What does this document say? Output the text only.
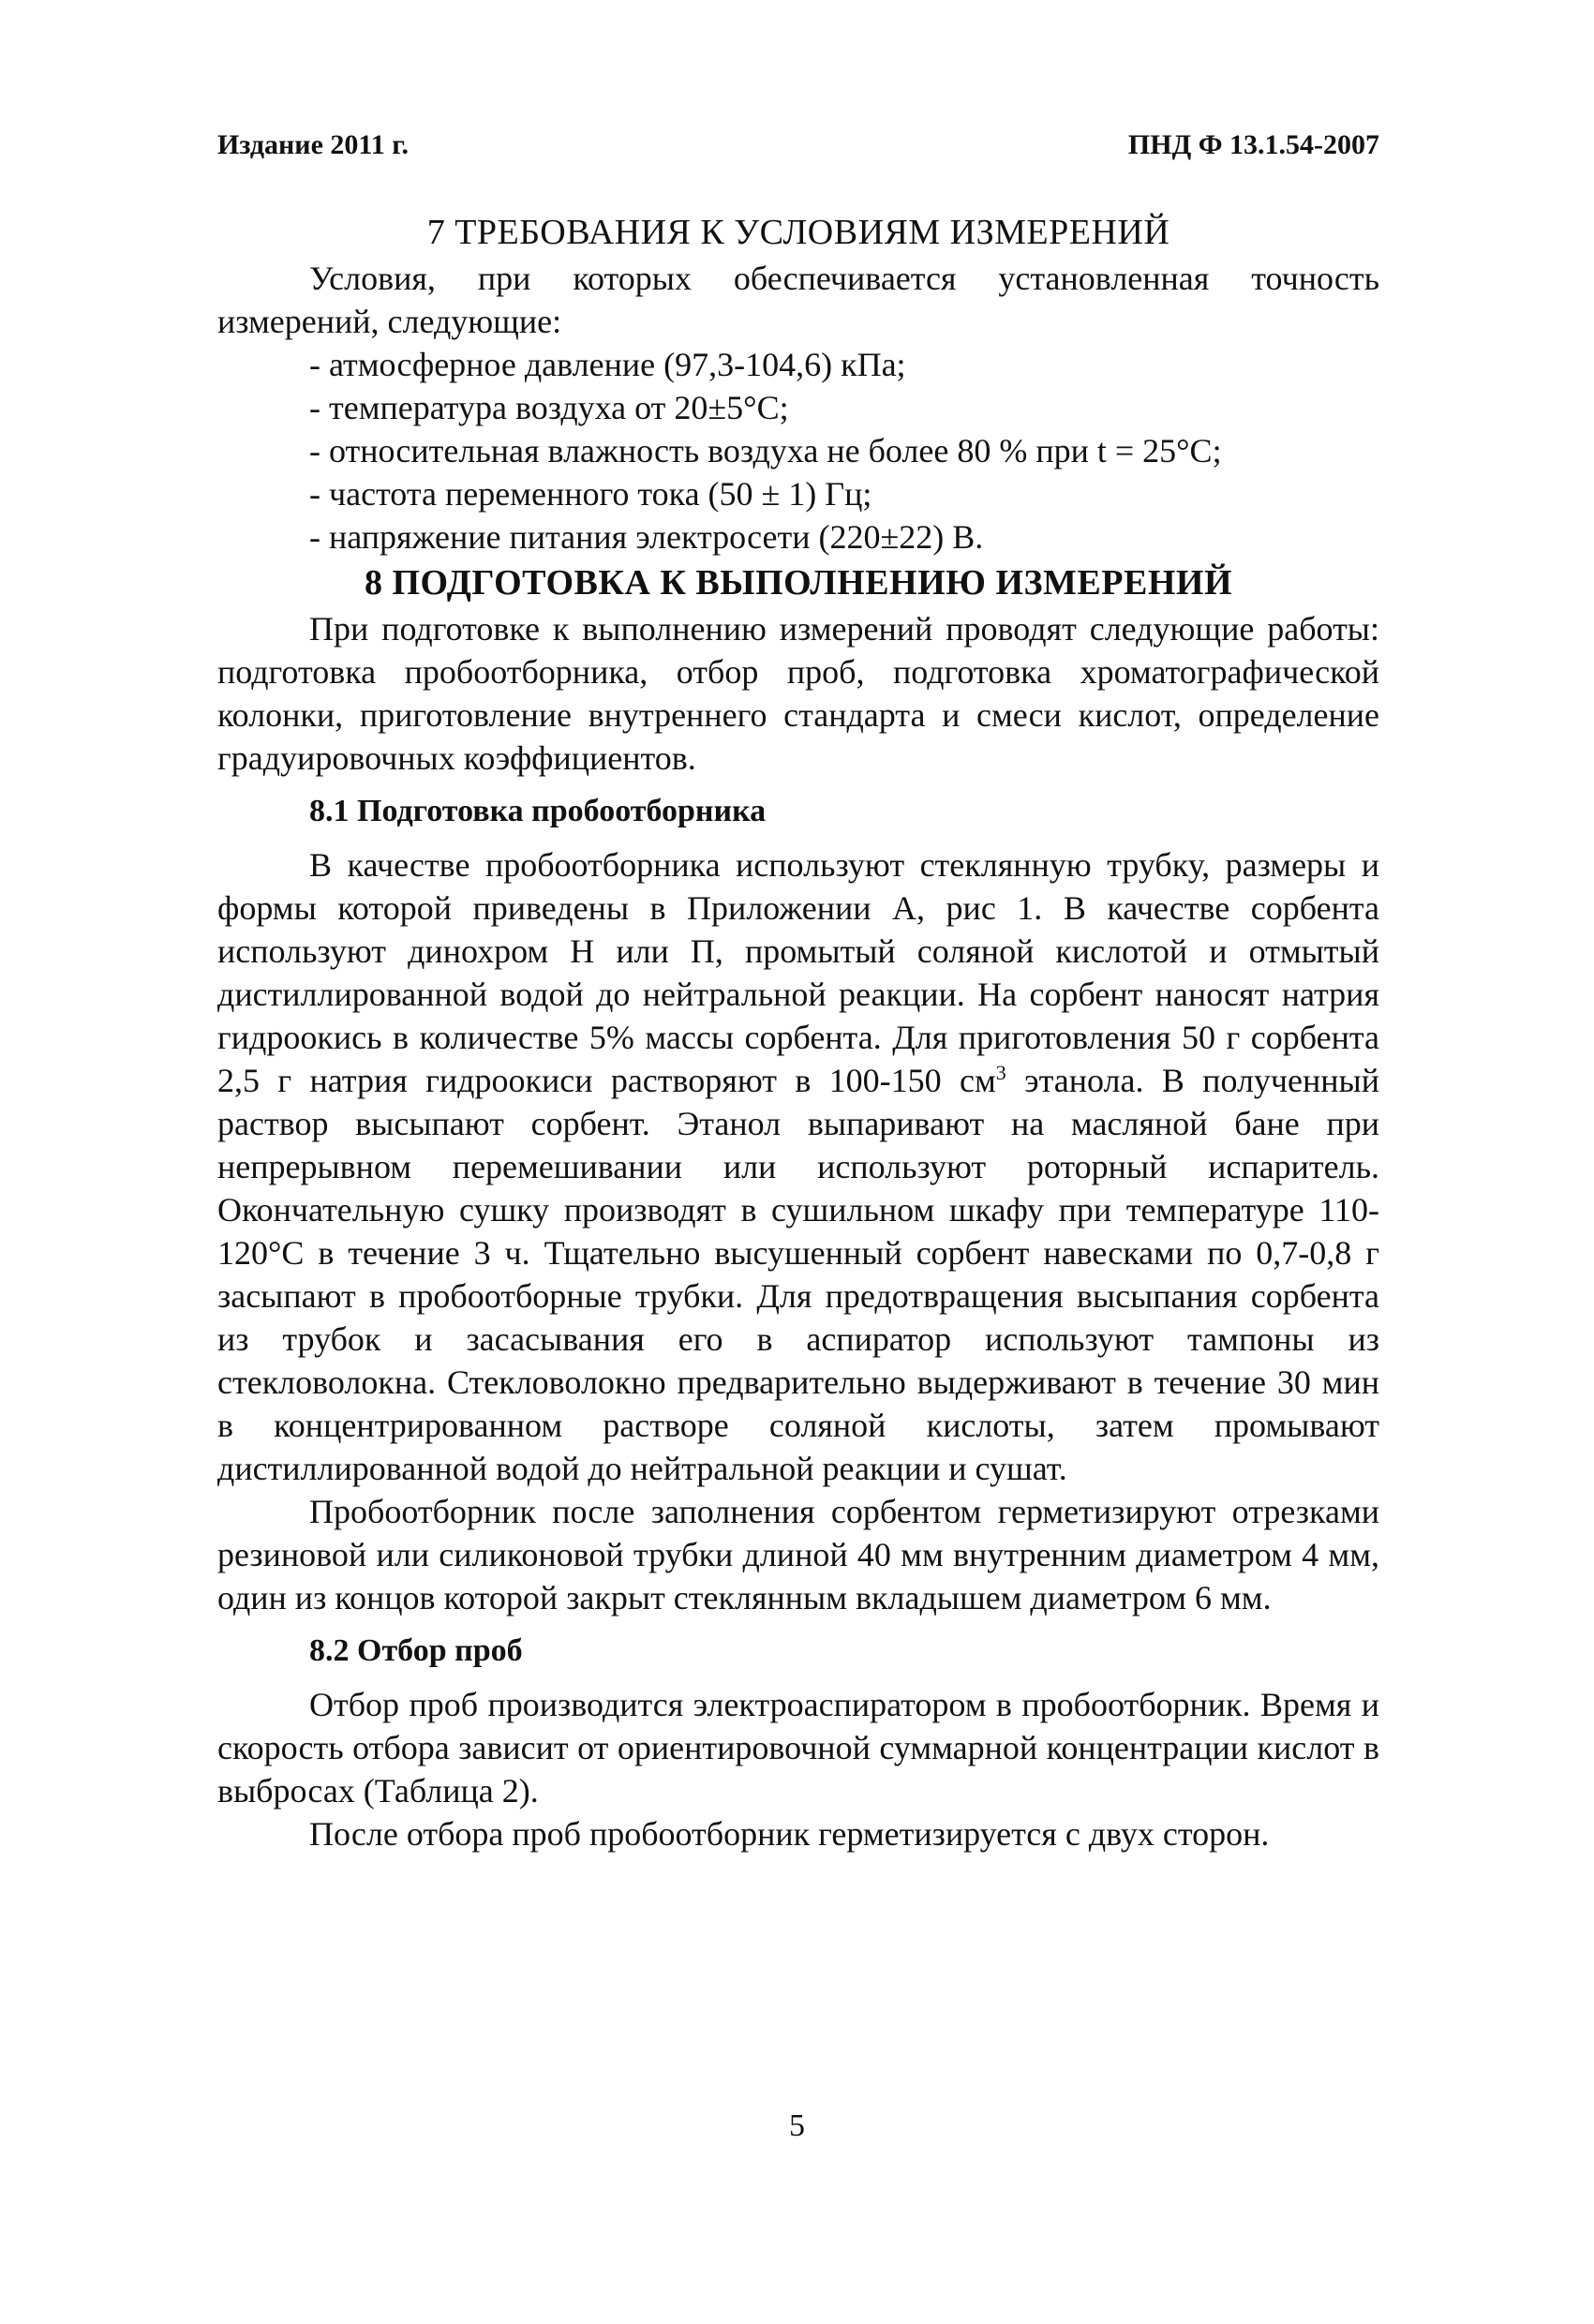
Издание 2011 г.	ПНД Ф 13.1.54-2007
7 ТРЕБОВАНИЯ К УСЛОВИЯМ ИЗМЕРЕНИЙ

Условия, при которых обеспечивается установленная точность измерений, следующие:

- атмосферное давление (97,3-104,6) кПа;
- температура воздуха от 20±5°С;
- относительная влажность воздуха не более 80 % при t = 25°С;
- частота переменного тока (50 ± 1) Гц;
- напряжение питания электросети (220±22) В.
8 ПОДГОТОВКА К ВЫПОЛНЕНИЮ ИЗМЕРЕНИЙ

При подготовке к выполнению измерений проводят следующие работы: подготовка пробоотборника, отбор проб, подготовка хроматографической колонки, приготовление внутреннего стандарта и смеси кислот, определение градуировочных коэффициентов.

8.1 Подготовка пробоотборника

В качестве пробоотборника используют стеклянную трубку, размеры и формы которой приведены в Приложении А, рис 1. В качестве сорбента используют динохром Н или П, промытый соляной кислотой и отмытый дистиллированной водой до нейтральной реакции. На сорбент наносят натрия гидроокись в количестве 5% массы сорбента. Для приготовления 50 г сорбента 2,5 г натрия гидроокиси растворяют в 100-150 $см^3$ этанола. В полученный раствор высыпают сорбент. Этанол выпаривают на масляной бане при непрерывном перемешивании или используют роторный испаритель. Окончательную сушку производят в сушильном шкафу при температуре 110-120°С в течение 3 ч. Тщательно высушенный сорбент навесками по 0,7-0,8 г засыпают в пробоотборные трубки. Для предотвращения высыпания сорбента из трубок и засасывания его в аспиратор используют тампоны из стекловолокна. Стекловолокно предварительно выдерживают в течение 30 мин в концентрированном растворе соляной кислоты, затем промывают дистиллированной водой до нейтральной реакции и сушат.

Пробоотборник после заполнения сорбентом герметизируют отрезками резиновой или силиконовой трубки длиной 40 мм внутренним диаметром 4 мм, один из концов которой закрыт стеклянным вкладышем диаметром 6 мм.

8.2 Отбор проб

Отбор проб производится электроаспиратором в пробоотборник. Время и скорость отбора зависит от ориентировочной суммарной концентрации кислот в выбросах (Таблица 2).

После отбора проб пробоотборник герметизируется с двух сторон.

5
